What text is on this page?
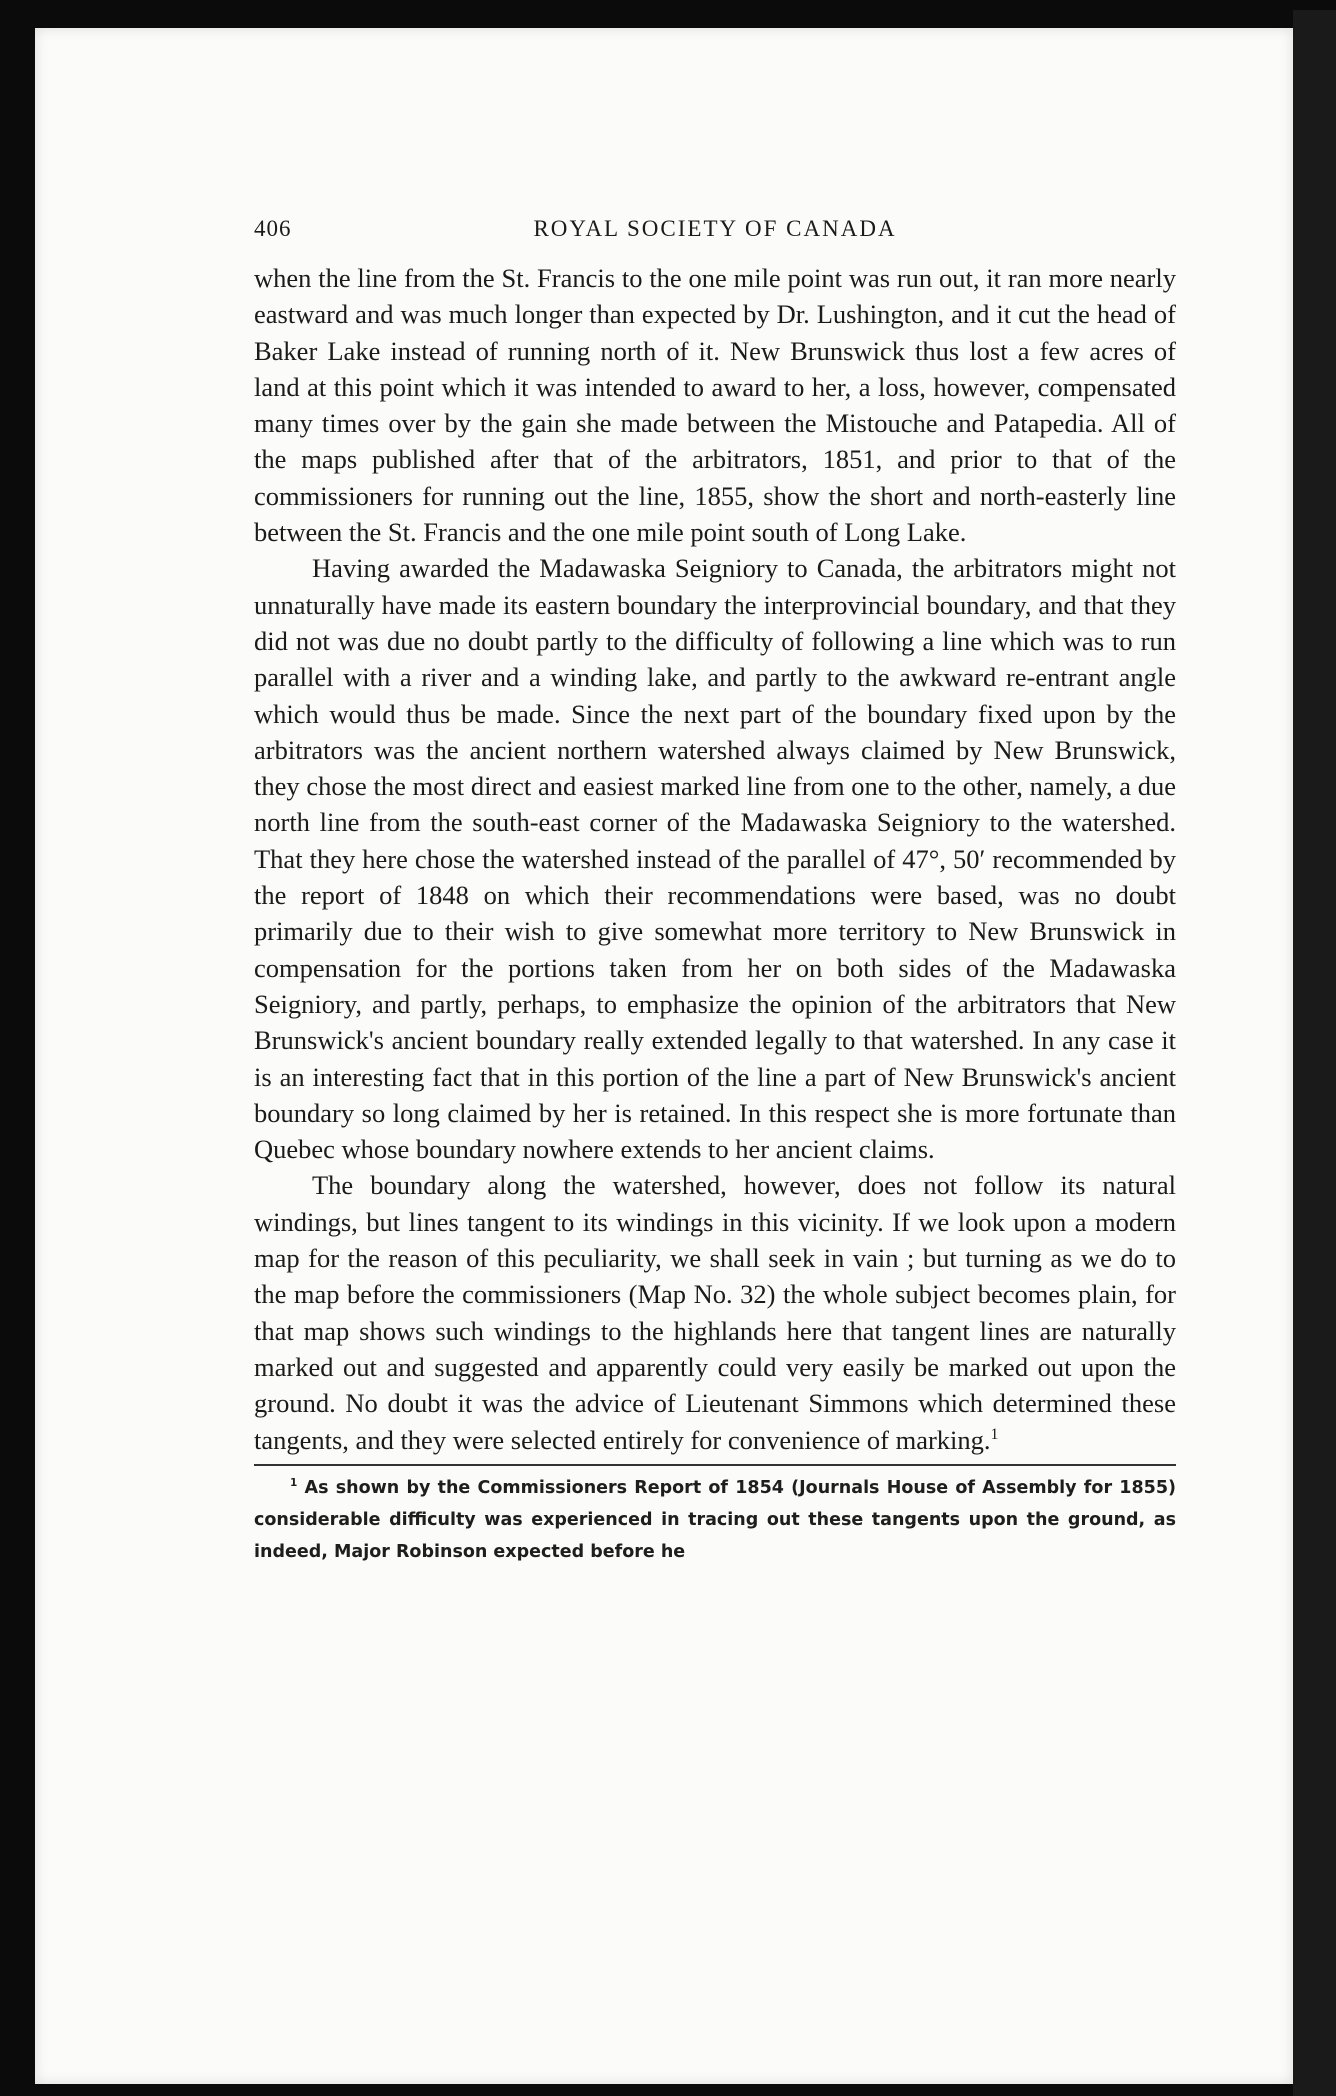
406	ROYAL SOCIETY OF CANADA

when the line from the St. Francis to the one mile point was run out, it ran more nearly eastward and was much longer than expected by Dr. Lushington, and it cut the head of Baker Lake instead of running north of it. New Brunswick thus lost a few acres of land at this point which it was intended to award to her, a loss, however, compensated many times over by the gain she made between the Mistouche and Patapedia. All of the maps published after that of the arbitrators, 1851, and prior to that of the commissioners for running out the line, 1855, show the short and north-easterly line between the St. Francis and the one mile point south of Long Lake.

Having awarded the Madawaska Seigniory to Canada, the arbitrators might not unnaturally have made its eastern boundary the interprovincial boundary, and that they did not was due no doubt partly to the difficulty of following a line which was to run parallel with a river and a winding lake, and partly to the awkward re-entrant angle which would thus be made. Since the next part of the boundary fixed upon by the arbitrators was the ancient northern watershed always claimed by New Brunswick, they chose the most direct and easiest marked line from one to the other, namely, a due north line from the south-east corner of the Madawaska Seigniory to the watershed. That they here chose the watershed instead of the parallel of 47°, 50′ recommended by the report of 1848 on which their recommendations were based, was no doubt primarily due to their wish to give somewhat more territory to New Brunswick in compensation for the portions taken from her on both sides of the Madawaska Seigniory, and partly, perhaps, to emphasize the opinion of the arbitrators that New Brunswick's ancient boundary really extended legally to that watershed. In any case it is an interesting fact that in this portion of the line a part of New Brunswick's ancient boundary so long claimed by her is retained. In this respect she is more fortunate than Quebec whose boundary nowhere extends to her ancient claims.

The boundary along the watershed, however, does not follow its natural windings, but lines tangent to its windings in this vicinity. If we look upon a modern map for the reason of this peculiarity, we shall seek in vain ; but turning as we do to the map before the commissioners (Map No. 32) the whole subject becomes plain, for that map shows such windings to the highlands here that tangent lines are naturally marked out and suggested and apparently could very easily be marked out upon the ground. No doubt it was the advice of Lieutenant Simmons which determined these tangents, and they were selected entirely for convenience of marking.$^1$

$^1$ As shown by the Commissioners Report of 1854 (Journals House of Assembly for 1855) considerable difficulty was experienced in tracing out these tangents upon the ground, as indeed, Major Robinson expected before he
